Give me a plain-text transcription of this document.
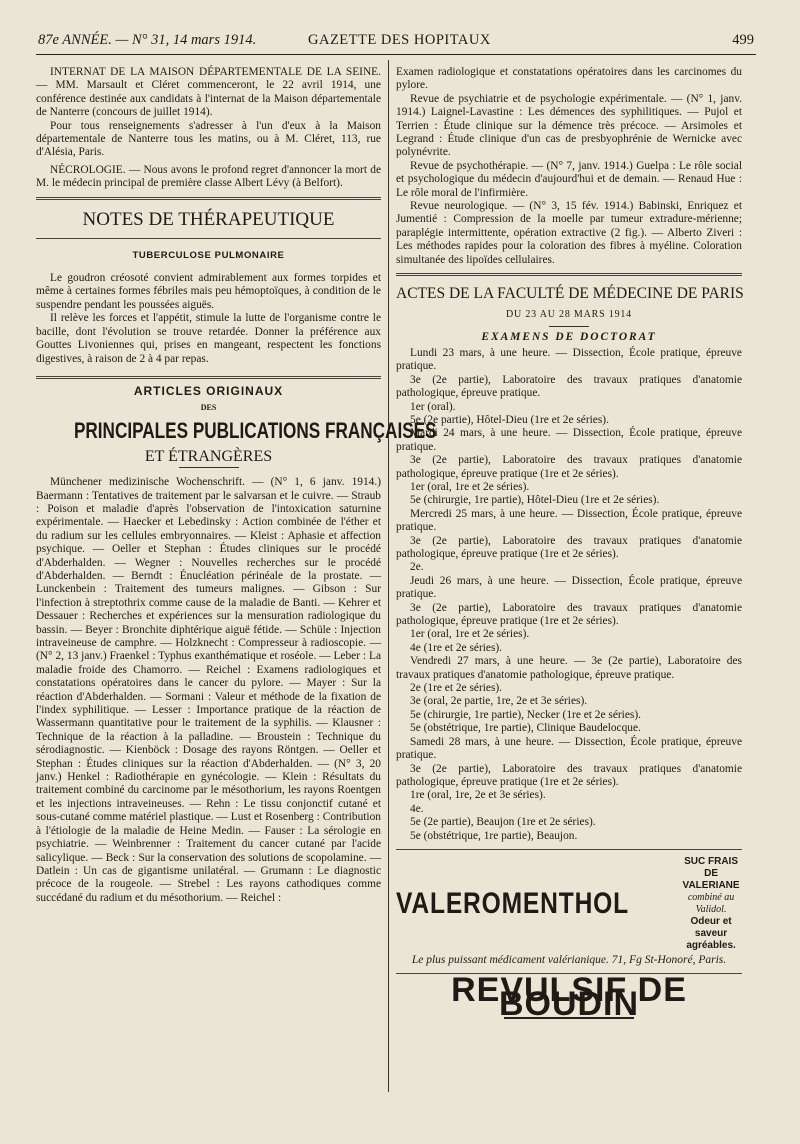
87e ANNÉE. — N° 31, 14 mars 1914.	GAZETTE DES HOPITAUX	499

INTERNAT DE LA MAISON DÉPARTEMENTALE DE LA SEINE. — MM. Marsault et Cléret commenceront, le 22 avril 1914, une conférence destinée aux candidats à l'internat de la Maison départementale de Nanterre (concours de juillet 1914).

Pour tous renseignements s'adresser à l'un d'eux à la Maison départementale de Nanterre tous les matins, ou à M. Cléret, 113, rue d'Alésia, Paris.

NÉCROLOGIE. — Nous avons le profond regret d'annoncer la mort de M. le médecin principal de première classe Albert Lévy (à Belfort).

NOTES DE THÉRAPEUTIQUE
TUBERCULOSE PULMONAIRE

Le goudron créosoté convient admirablement aux formes torpides et même à certaines formes fébriles mais peu hémoptoïques, à condition de le suspendre pendant les poussées aiguës.

Il relève les forces et l'appétit, stimule la lutte de l'organisme contre le bacille, dont l'évolution se trouve retardée. Donner la préférence aux Gouttes Livoniennes qui, prises en mangeant, respectent les fonctions digestives, à raison de 2 à 4 par repas.

ARTICLES ORIGINAUX
DES
PRINCIPALES PUBLICATIONS FRANÇAISES
ET ÉTRANGÈRES

Münchener medizinische Wochenschrift. — (N° 1, 6 janv. 1914.) Baermann : Tentatives de traitement par le salvarsan et le cuivre. — Straub : Poison et maladie d'après l'observation de l'intoxication saturnine expérimentale. — Haecker et Lebedinsky : Action combinée de l'éther et du radium sur les cellules embryonnaires. — Kleist : Aphasie et affection psychique. — Oeller et Stephan : Études cliniques sur le procédé d'Abderhalden. — Wegner : Nouvelles recherches sur le procédé d'Abderhalden. — Berndt : Énucléation périnéale de la prostate. — Lunckenbein : Traitement des tumeurs malignes. — Gibson : Sur l'infection à streptothrix comme cause de la maladie de Banti. — Kehrer et Dessauer : Recherches et expériences sur la mensuration radiologique du bassin. — Beyer : Bronchite diphtérique aiguë fétide. — Schüle : Injection intraveineuse de camphre. — Holzknecht : Compresseur à radioscopie. — (N° 2, 13 janv.) Fraenkel : Typhus exanthématique et roséole. — Leber : La maladie froide des Chamorro. — Reichel : Examens radiologiques et constatations opératoires dans le cancer du pylore. — Mayer : Sur la réaction d'Abderhalden. — Sormani : Valeur et méthode de la fixation de l'index syphilitique. — Lesser : Importance pratique de la réaction de Wassermann quantitative pour le traitement de la syphilis. — Klausner : Technique de la réaction à la palladine. — Broustein : Technique du sérodiagnostic. — Kienböck : Dosage des rayons Röntgen. — Oeller et Stephan : Études cliniques sur la réaction d'Abderhalden. — (N° 3, 20 janv.) Henkel : Radiothérapie en gynécologie. — Klein : Résultats du traitement combiné du carcinome par le mésothorium, les rayons Roentgen et les injections intraveineuses. — Rehn : Le tissu conjonctif cutané et sous-cutané comme matériel plastique. — Lust et Rosenberg : Contribution à l'étiologie de la maladie de Heine Medin. — Fauser : La sérologie en psychiatrie. — Weinbrenner : Traitement du cancer cutané par l'acide salicylique. — Beck : Sur la conservation des solutions de scopolamine. — Datlein : Un cas de gigantisme unilatéral. — Grumann : Le diagnostic précoce de la rougeole. — Strebel : Les rayons cathodiques comme succédané du radium et du mésothorium. — Reichel :

Examen radiologique et constatations opératoires dans les carcinomes du pylore.

Revue de psychiatrie et de psychologie expérimentale. — (N° 1, janv. 1914.) Laignel-Lavastine : Les démences des syphilitiques. — Pujol et Terrien : Étude clinique sur la démence très précoce. — Arsimoles et Legrand : Étude clinique d'un cas de presbyophrénie de Wernicke avec polynévrite.

Revue de psychothérapie. — (N° 7, janv. 1914.) Guelpa : Le rôle social et psychologique du médecin d'aujourd'hui et de demain. — Renaud Hue : Le rôle moral de l'infirmière.

Revue neurologique. — (N° 3, 15 fév. 1914.) Babinski, Enriquez et Jumentié : Compression de la moelle par tumeur extradure-mérienne; paraplégie intermittente, opération extractive (2 fig.). — Alberto Ziveri : Les méthodes rapides pour la coloration des fibres à myéline. Coloration simultanée des lipoïdes cellulaires.

ACTES DE LA FACULTÉ DE MÉDECINE DE PARIS
DU 23 AU 28 MARS 1914
EXAMENS DE DOCTORAT

Lundi 23 mars, à une heure. — Dissection, École pratique, épreuve pratique.

3e (2e partie), Laboratoire des travaux pratiques d'anatomie pathologique, épreuve pratique.

1er (oral).

5e (2e partie), Hôtel-Dieu (1re et 2e séries).

Mardi 24 mars, à une heure. — Dissection, École pratique, épreuve pratique.

3e (2e partie), Laboratoire des travaux pratiques d'anatomie pathologique, épreuve pratique (1re et 2e séries).

1er (oral, 1re et 2e séries).

5e (chirurgie, 1re partie), Hôtel-Dieu (1re et 2e séries).

Mercredi 25 mars, à une heure. — Dissection, École pratique, épreuve pratique.

3e (2e partie), Laboratoire des travaux pratiques d'anatomie pathologique, épreuve pratique (1re et 2e séries).

2e.

Jeudi 26 mars, à une heure. — Dissection, École pratique, épreuve pratique.

3e (2e partie), Laboratoire des travaux pratiques d'anatomie pathologique, épreuve pratique (1re et 2e séries).

1er (oral, 1re et 2e séries).

4e (1re et 2e séries).

Vendredi 27 mars, à une heure. — 3e (2e partie), Laboratoire des travaux pratiques d'anatomie pathologique, épreuve pratique.

2e (1re et 2e séries).

3e (oral, 2e partie, 1re, 2e et 3e séries).

5e (chirurgie, 1re partie), Necker (1re et 2e séries).

5e (obstétrique, 1re partie), Clinique Baudelocque.

Samedi 28 mars, à une heure. — Dissection, École pratique, épreuve pratique.

3e (2e partie), Laboratoire des travaux pratiques d'anatomie pathologique, épreuve pratique (1re et 2e séries).

1re (oral, 1re, 2e et 3e séries).

4e.

5e (2e partie), Beaujon (1re et 2e séries).

5e (obstétrique, 1re partie), Beaujon.

VALEROMENTHOL
SUC FRAIS DE VALERIANE
combiné au Validol.
Odeur et saveur agréables.
Le plus puissant médicament valérianique. 71, Fg St-Honoré, Paris.
REVULSIF DE BOUDIN
